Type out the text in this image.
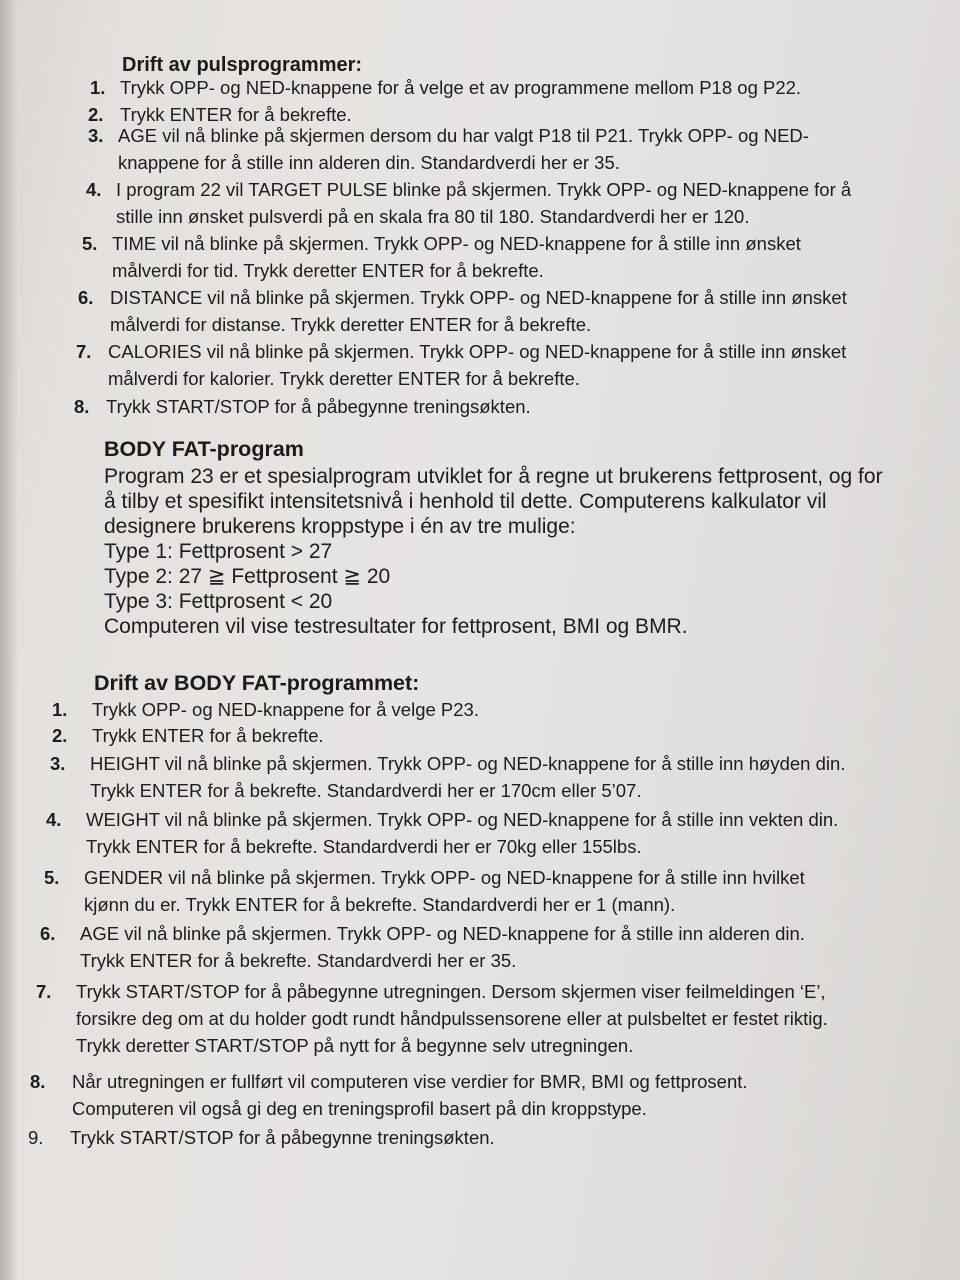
Drift av pulsprogrammer:
1. Trykk OPP- og NED-knappene for å velge et av programmene mellom P18 og P22.
2. Trykk ENTER for å bekrefte.
3. AGE vil nå blinke på skjermen dersom du har valgt P18 til P21. Trykk OPP- og NED-
knappene for å stille inn alderen din. Standardverdi her er 35.
4. I program 22 vil TARGET PULSE blinke på skjermen. Trykk OPP- og NED-knappene for å
stille inn ønsket pulsverdi på en skala fra 80 til 180. Standardverdi her er 120.
5. TIME vil nå blinke på skjermen. Trykk OPP- og NED-knappene for å stille inn ønsket
målverdi for tid. Trykk deretter ENTER for å bekrefte.
6. DISTANCE vil nå blinke på skjermen. Trykk OPP- og NED-knappene for å stille inn ønsket
målverdi for distanse. Trykk deretter ENTER for å bekrefte.
7. CALORIES vil nå blinke på skjermen. Trykk OPP- og NED-knappene for å stille inn ønsket
målverdi for kalorier. Trykk deretter ENTER for å bekrefte.
8. Trykk START/STOP for å påbegynne treningsøkten.
BODY FAT-program
Program 23 er et spesialprogram utviklet for å regne ut brukerens fettprosent, og for
å tilby et spesifikt intensitetsnivå i henhold til dette. Computerens kalkulator vil
designere brukerens kroppstype i én av tre mulige:
Type 1: Fettprosent > 27
Type 2: 27 ≧ Fettprosent ≧ 20
Type 3: Fettprosent < 20
Computeren vil vise testresultater for fettprosent, BMI og BMR.
Drift av BODY FAT-programmet:
1.	Trykk OPP- og NED-knappene for å velge P23.
2.	Trykk ENTER for å bekrefte.
3.	HEIGHT vil nå blinke på skjermen. Trykk OPP- og NED-knappene for å stille inn høyden din.
Trykk ENTER for å bekrefte. Standardverdi her er 170cm eller 5’07.
4.	WEIGHT vil nå blinke på skjermen. Trykk OPP- og NED-knappene for å stille inn vekten din.
Trykk ENTER for å bekrefte. Standardverdi her er 70kg eller 155lbs.
5.	GENDER vil nå blinke på skjermen. Trykk OPP- og NED-knappene for å stille inn hvilket
kjønn du er. Trykk ENTER for å bekrefte. Standardverdi her er 1 (mann).
6.	AGE vil nå blinke på skjermen. Trykk OPP- og NED-knappene for å stille inn alderen din.
Trykk ENTER for å bekrefte. Standardverdi her er 35.
7.	Trykk START/STOP for å påbegynne utregningen. Dersom skjermen viser feilmeldingen ‘E’,
forsikre deg om at du holder godt rundt håndpulssensorene eller at pulsbeltet er festet riktig.
Trykk deretter START/STOP på nytt for å begynne selv utregningen.
8.	Når utregningen er fullført vil computeren vise verdier for BMR, BMI og fettprosent.
Computeren vil også gi deg en treningsprofil basert på din kroppstype.
9.	Trykk START/STOP for å påbegynne treningsøkten.
